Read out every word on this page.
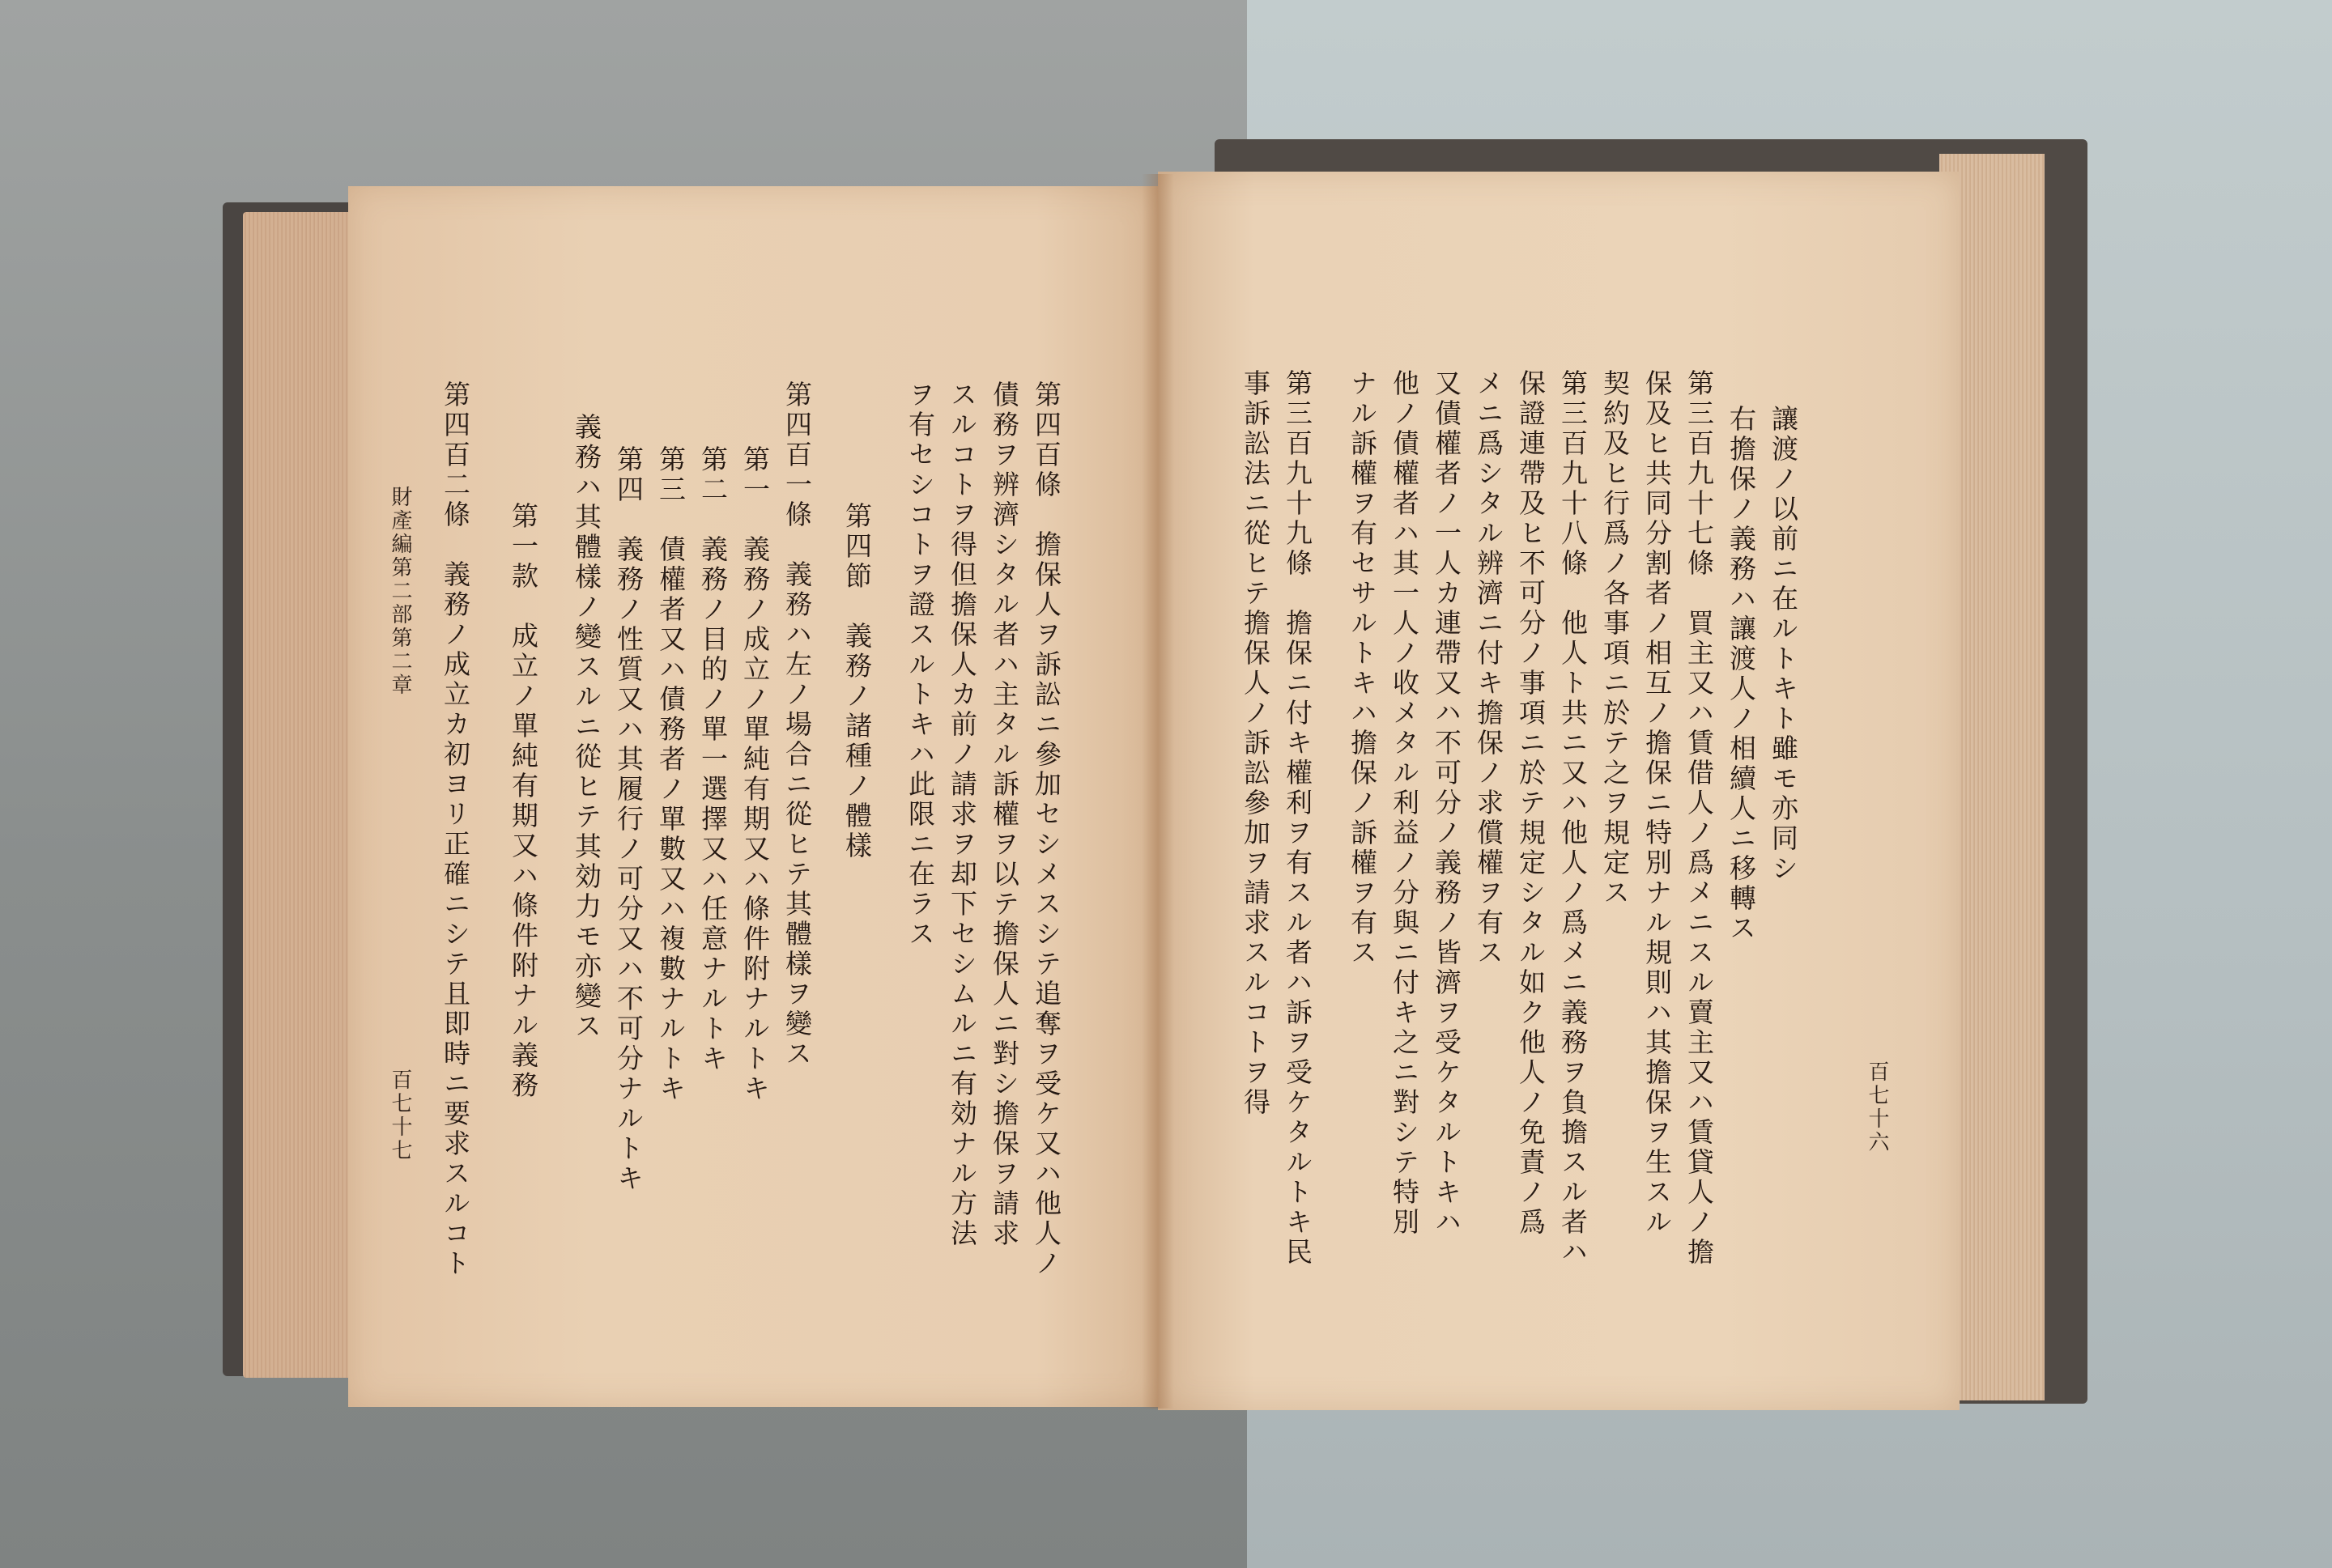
讓渡ノ以前ニ在ルトキト雖モ亦同シ
右擔保ノ義務ハ讓渡人ノ相續人ニ移轉ス
第三百九十七條　買主又ハ賃借人ノ爲メニスル賣主又ハ賃貸人ノ擔
保及ヒ共同分割者ノ相互ノ擔保ニ特別ナル規則ハ其擔保ヲ生スル
契約及ヒ行爲ノ各事項ニ於テ之ヲ規定ス
第三百九十八條　他人ト共ニ又ハ他人ノ爲メニ義務ヲ負擔スル者ハ
保證連帶及ヒ不可分ノ事項ニ於テ規定シタル如ク他人ノ免責ノ爲
メニ爲シタル辨濟ニ付キ擔保ノ求償權ヲ有ス
又債權者ノ一人カ連帶又ハ不可分ノ義務ノ皆濟ヲ受ケタルトキハ
他ノ債權者ハ其一人ノ收メタル利益ノ分與ニ付キ之ニ對シテ特別
ナル訴權ヲ有セサルトキハ擔保ノ訴權ヲ有ス
第三百九十九條　擔保ニ付キ權利ヲ有スル者ハ訴ヲ受ケタルトキ民
事訴訟法ニ從ヒテ擔保人ノ訴訟參加ヲ請求スルコトヲ得	百七十六
第四百條　擔保人ヲ訴訟ニ參加セシメスシテ追奪ヲ受ケ又ハ他人ノ
債務ヲ辨濟シタル者ハ主タル訴權ヲ以テ擔保人ニ對シ擔保ヲ請求
スルコトヲ得但擔保人カ前ノ請求ヲ却下セシムルニ有効ナル方法
ヲ有セシコトヲ證スルトキハ此限ニ在ラス
第四節　義務ノ諸種ノ體樣
第四百一條　義務ハ左ノ場合ニ從ヒテ其體樣ヲ變ス
第一　義務ノ成立ノ單純有期又ハ條件附ナルトキ
第二　義務ノ目的ノ單一選擇又ハ任意ナルトキ
第三　債權者又ハ債務者ノ單數又ハ複數ナルトキ
第四　義務ノ性質又ハ其履行ノ可分又ハ不可分ナルトキ
義務ハ其體樣ノ變スルニ從ヒテ其効力モ亦變ス
第一款　成立ノ單純有期又ハ條件附ナル義務
第四百二條　義務ノ成立カ初ヨリ正確ニシテ且即時ニ要求スルコト
財產編第二部第二章
百七十七
